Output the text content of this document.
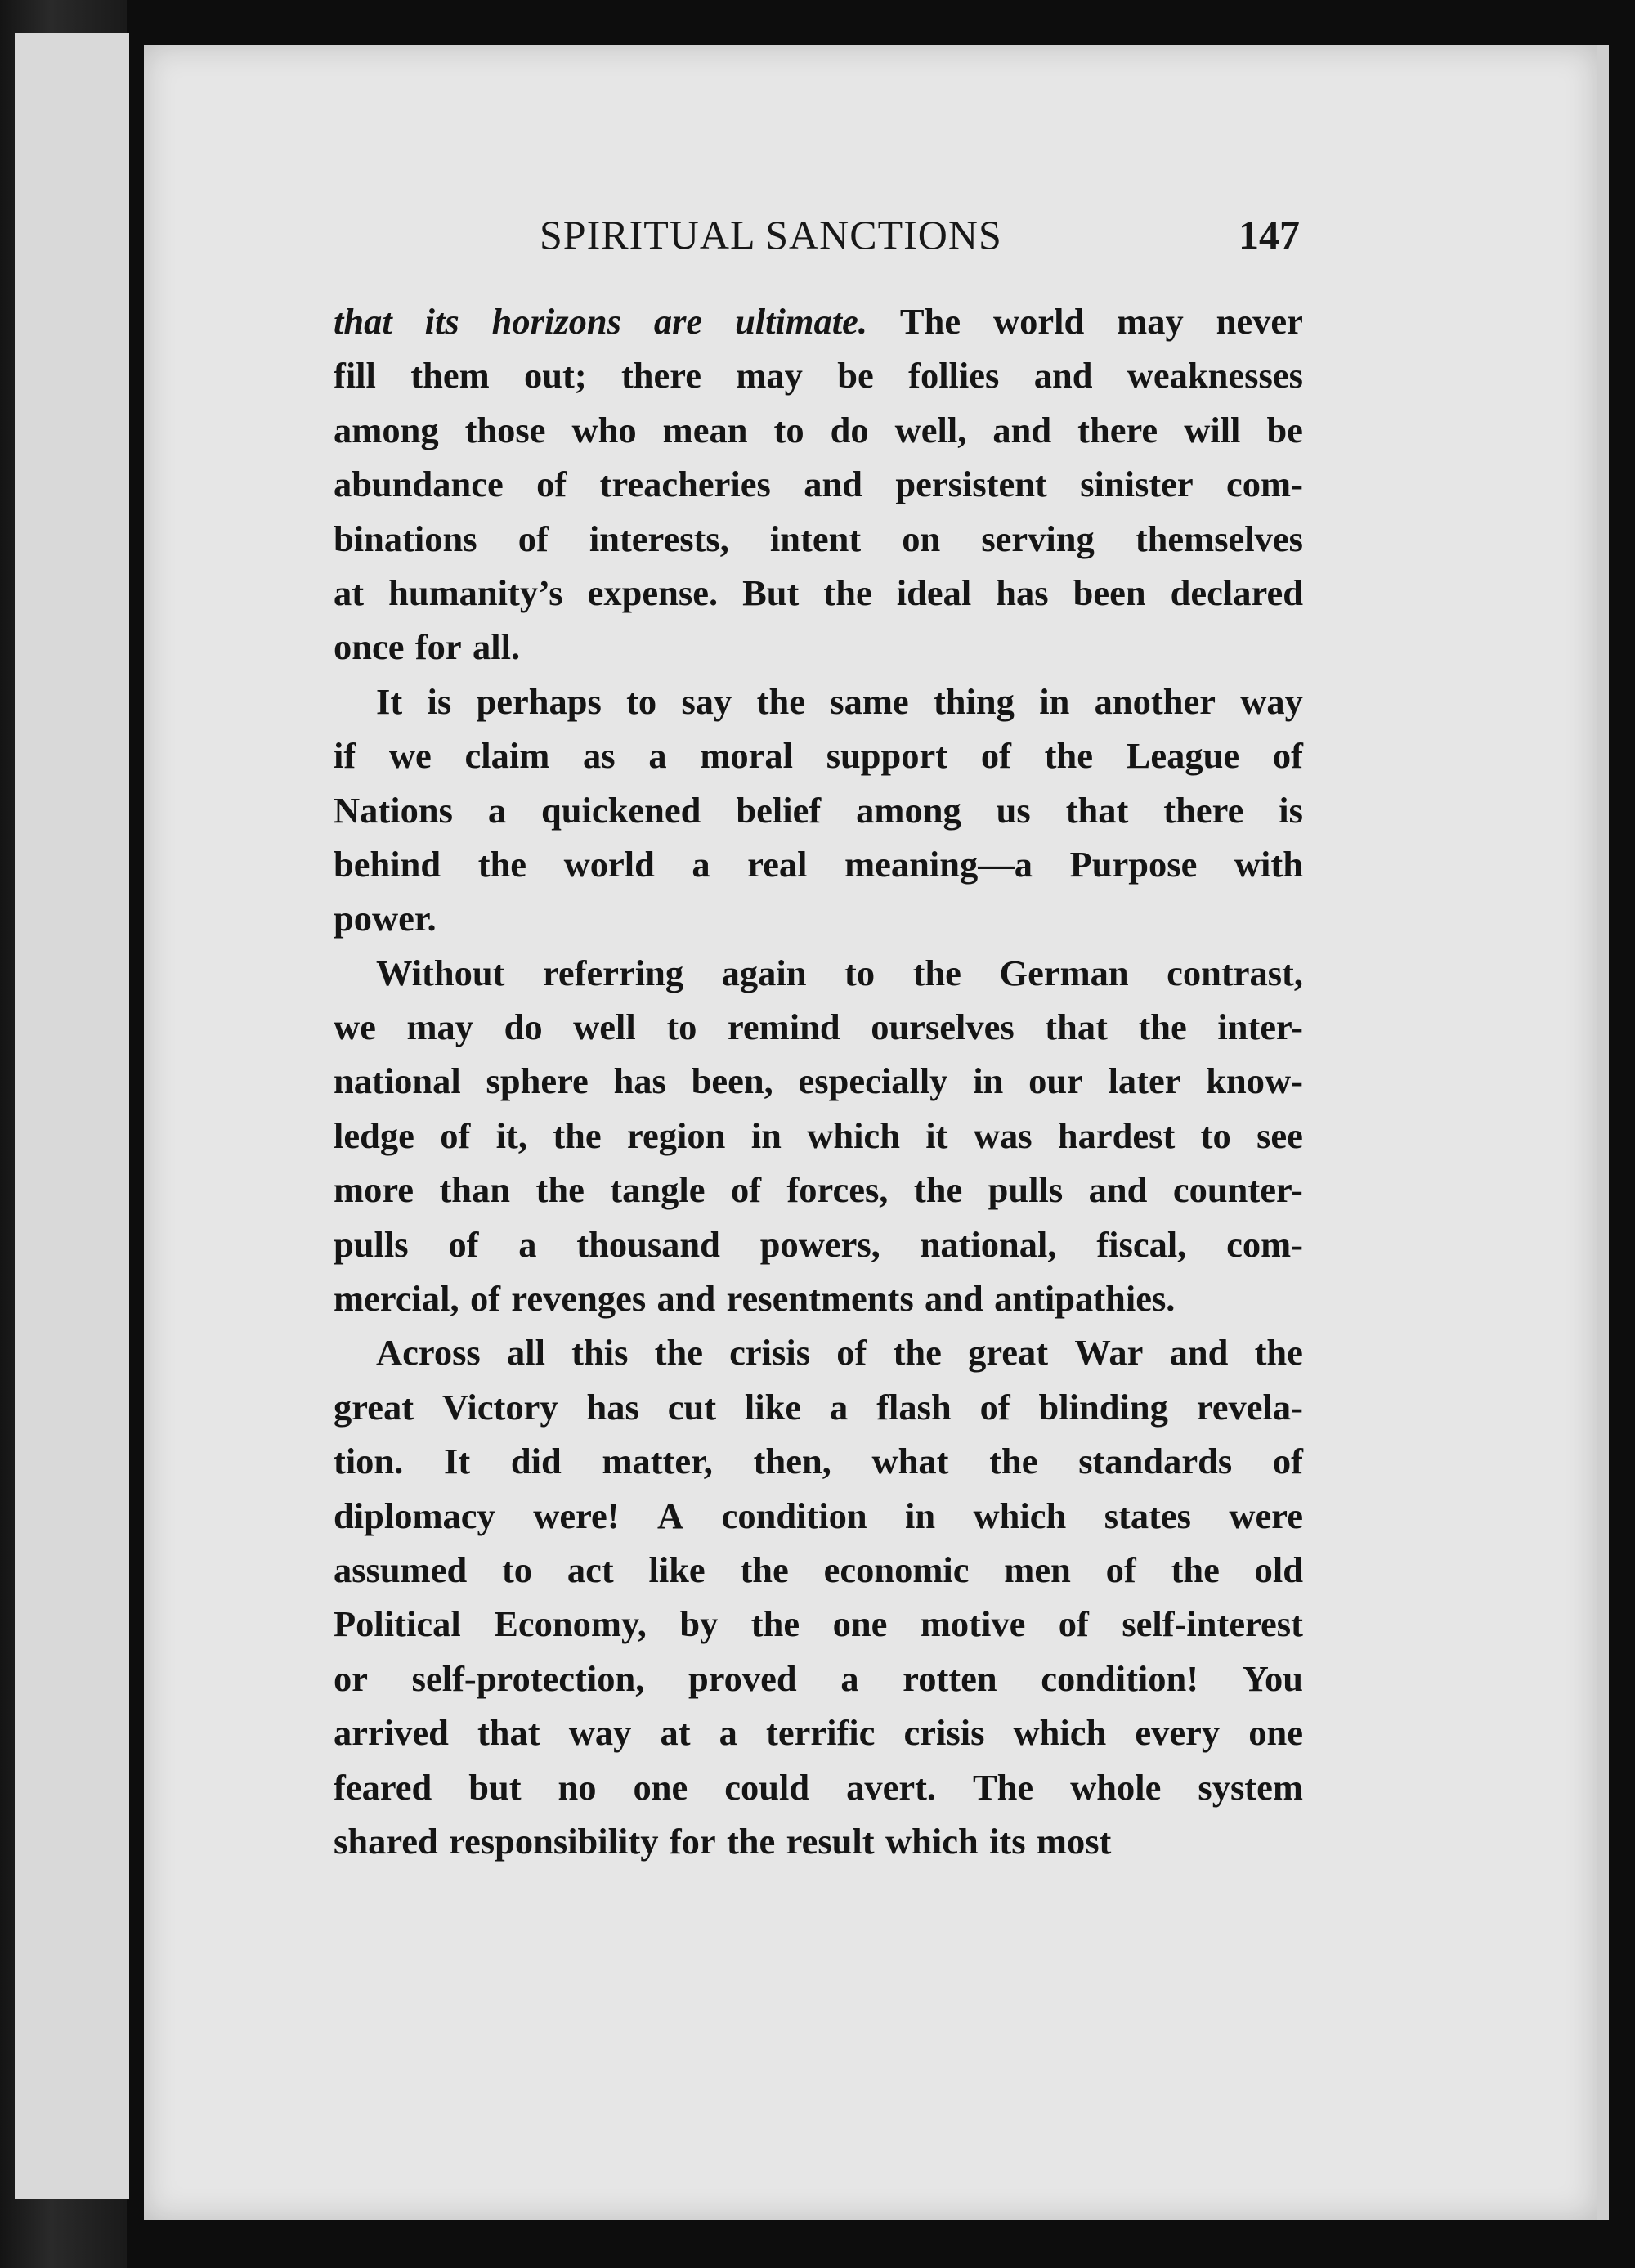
SPIRITUAL SANCTIONS	147
that its horizons are ultimate. The world may never
fill them out; there may be follies and weaknesses
among those who mean to do well, and there will be
abundance of treacheries and persistent sinister com-
binations of interests, intent on serving themselves
at humanity’s expense. But the ideal has been declared
once for all.
It is perhaps to say the same thing in another way
if we claim as a moral support of the League of
Nations a quickened belief among us that there is
behind the world a real meaning—a Purpose with
power.
Without referring again to the German contrast,
we may do well to remind ourselves that the inter-
national sphere has been, especially in our later know-
ledge of it, the region in which it was hardest to see
more than the tangle of forces, the pulls and counter-
pulls of a thousand powers, national, fiscal, com-
mercial, of revenges and resentments and antipathies.
Across all this the crisis of the great War and the
great Victory has cut like a flash of blinding revela-
tion. It did matter, then, what the standards of
diplomacy were! A condition in which states were
assumed to act like the economic men of the old
Political Economy, by the one motive of self-interest
or self-protection, proved a rotten condition! You
arrived that way at a terrific crisis which every one
feared but no one could avert. The whole system
shared responsibility for the result which its most
